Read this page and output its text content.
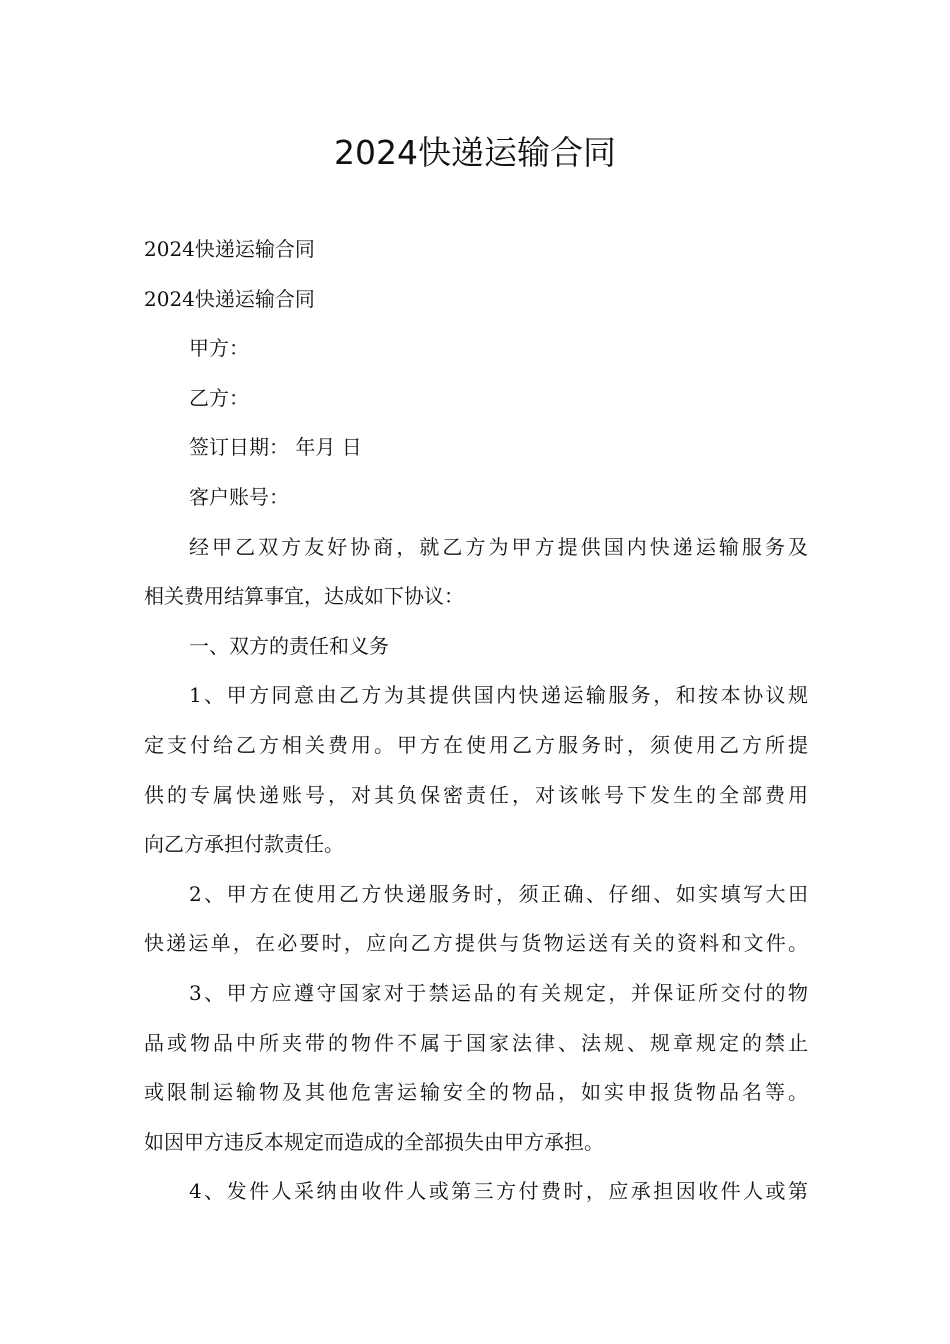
2024快递运输合同

2024快递运输合同

2024快递运输合同

甲方：

乙方：

签订日期： 年月 日

客户账号：

经甲乙双方友好协商，就乙方为甲方提供国内快递运输服务及

相关费用结算事宜，达成如下协议：

一、双方的责任和义务

1、甲方同意由乙方为其提供国内快递运输服务，和按本协议规

定支付给乙方相关费用。甲方在使用乙方服务时，须使用乙方所提

供的专属快递账号，对其负保密责任，对该帐号下发生的全部费用

向乙方承担付款责任。

2、甲方在使用乙方快递服务时，须正确、仔细、如实填写大田

快递运单，在必要时，应向乙方提供与货物运送有关的资料和文件。

3、甲方应遵守国家对于禁运品的有关规定，并保证所交付的物

品或物品中所夹带的物件不属于国家法律、法规、规章规定的禁止

或限制运输物及其他危害运输安全的物品，如实申报货物品名等。

如因甲方违反本规定而造成的全部损失由甲方承担。

4、发件人采纳由收件人或第三方付费时，应承担因收件人或第
